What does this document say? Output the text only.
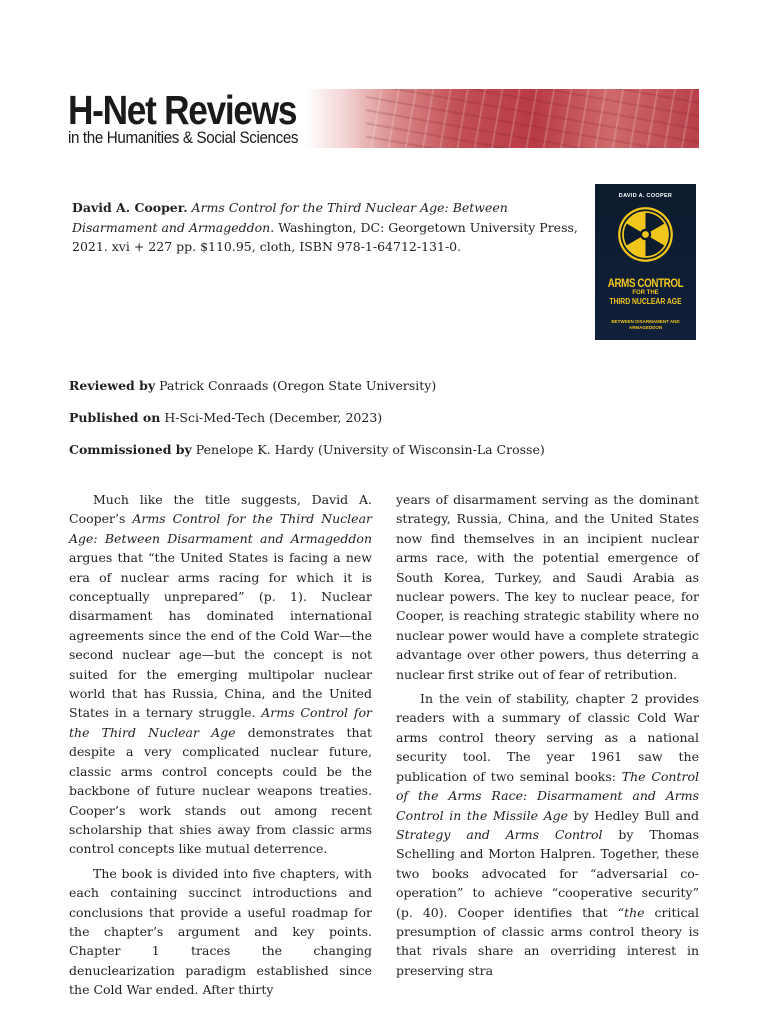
H-Net Reviews
in the Humanities & Social Sciences
David A. Cooper. Arms Control for the Third Nuclear Age: Between Disarmament and Armageddon. Washington, DC: Georgetown University Press, 2021. xvi + 227 pp. $110.95, cloth, ISBN 978-1-64712-131-0.
DAVID A. COOPER
ARMS CONTROL
FOR THE
THIRD NUCLEAR AGE
BETWEEN DISARMAMENT AND ARMAGEDDON
Reviewed by Patrick Conraads (Oregon State University)
Published on H-Sci-Med-Tech (December, 2023)
Commissioned by Penelope K. Hardy (University of Wisconsin-La Crosse)

Much like the title suggests, David A. Cooper’s Arms Control for the Third Nuclear Age: Between Disarmament and Armageddon argues that “the United States is facing a new era of nuclear arms racing for which it is conceptually unprepared” (p. 1). Nuclear disarmament has dominated international agreements since the end of the Cold War—the second nuclear age—but the concept is not suited for the emerging multipolar nuclear world that has Russia, China, and the United States in a ternary struggle. Arms Control for the Third Nuclear Age demonstrates that despite a very complicated nuclear future, classic arms control concepts could be the backbone of future nuclear weapons treaties. Cooper’s work stands out among recent scholarship that shies away from classic arms control concepts like mutual deterrence.

The book is divided into five chapters, with each containing succinct introductions and conclusions that provide a useful roadmap for the chapter’s argument and key points. Chapter 1 traces the changing denuclearization paradigm established since the Cold War ended. After thirty

years of disarmament serving as the dominant strategy, Russia, China, and the United States now find themselves in an incipient nuclear arms race, with the potential emergence of South Korea, Turkey, and Saudi Arabia as nuclear powers. The key to nuclear peace, for Cooper, is reaching strategic stability where no nuclear power would have a complete strategic advantage over other powers, thus deterring a nuclear first strike out of fear of retribution.

In the vein of stability, chapter 2 provides readers with a summary of classic Cold War arms control theory serving as a national security tool. The year 1961 saw the publication of two seminal books: The Control of the Arms Race: Disarmament and Arms Control in the Missile Age by Hedley Bull and Strategy and Arms Control by Thomas Schelling and Morton Halpren. Together, these two books advocated for “adversarial cooperation” to achieve “cooperative security” (p. 40). Cooper identifies that “the critical presumption of classic arms control theory is that rivals share an overriding interest in preserving stra
